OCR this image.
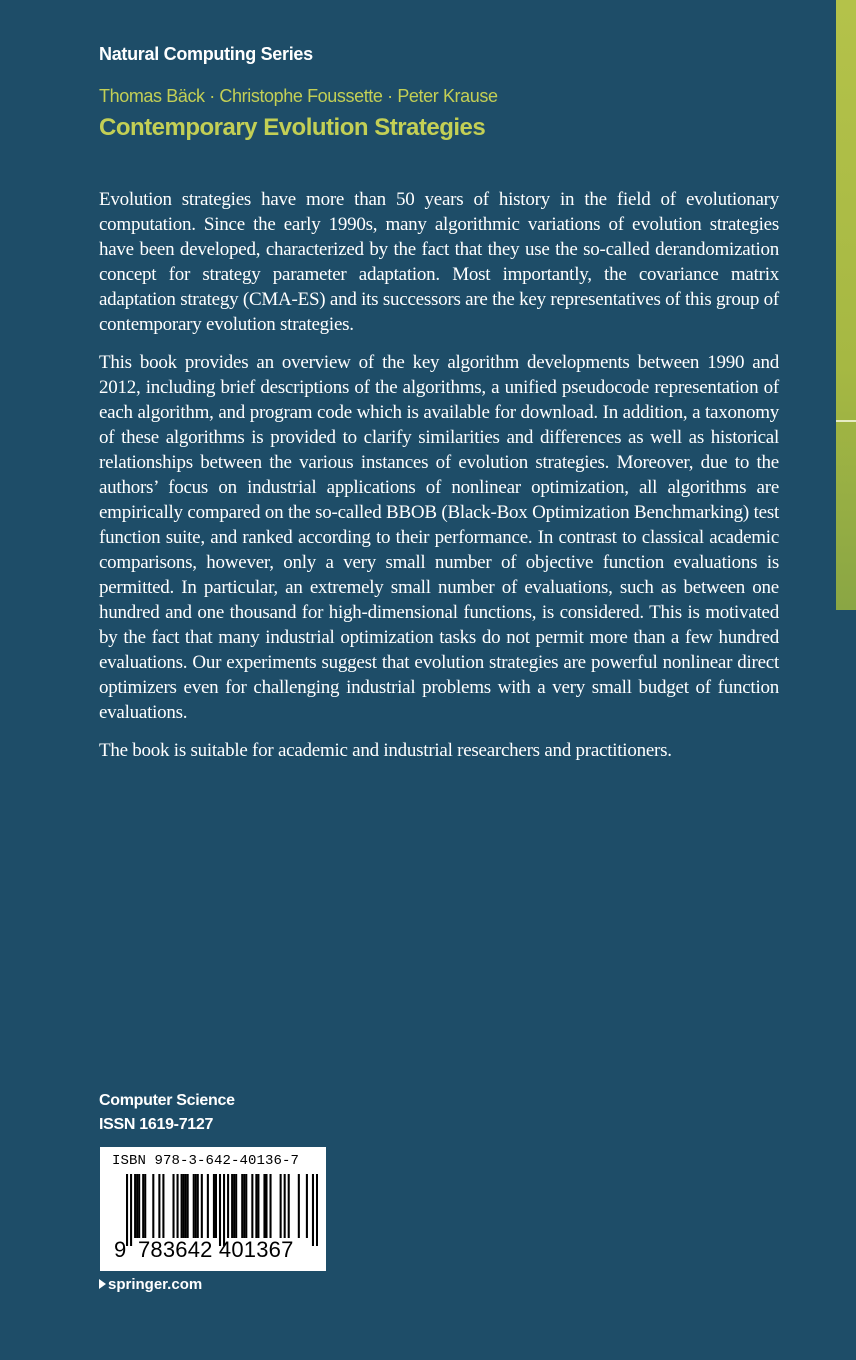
Natural Computing Series
Thomas Bäck · Christophe Foussette · Peter Krause
Contemporary Evolution Strategies

Evolution strategies have more than 50 years of history in the field of evolutionary computation. Since the early 1990s, many algorithmic variations of evolution strategies have been developed, characterized by the fact that they use the so-called derandomization concept for strategy parameter adaptation. Most importantly, the covariance matrix adaptation strategy (CMA-ES) and its successors are the key representatives of this group of contemporary evolution strategies.

This book provides an overview of the key algorithm developments between 1990 and 2012, including brief descriptions of the algorithms, a unified pseudocode representation of each algorithm, and program code which is available for download. In addition, a taxonomy of these algorithms is provided to clarify similarities and differences as well as historical relationships between the various instances of evolution strategies. Moreover, due to the authors’ focus on industrial applications of nonlinear optimization, all algorithms are empirically compared on the so-called BBOB (Black-Box Optimization Benchmarking) test function suite, and ranked according to their performance. In contrast to classical academic comparisons, however, only a very small number of objective function evaluations is permitted. In particular, an extremely small number of evaluations, such as between one hundred and one thousand for high-dimensional functions, is considered. This is motivated by the fact that many industrial optimization tasks do not permit more than a few hundred evaluations. Our experiments suggest that evolution strategies are powerful nonlinear direct optimizers even for challenging industrial problems with a very small budget of function evaluations.

The book is suitable for academic and industrial researchers and practitioners.

Computer Science
ISSN 1619-7127
ISBN 978-3-642-40136-7
9 783642 401367
springer.com
